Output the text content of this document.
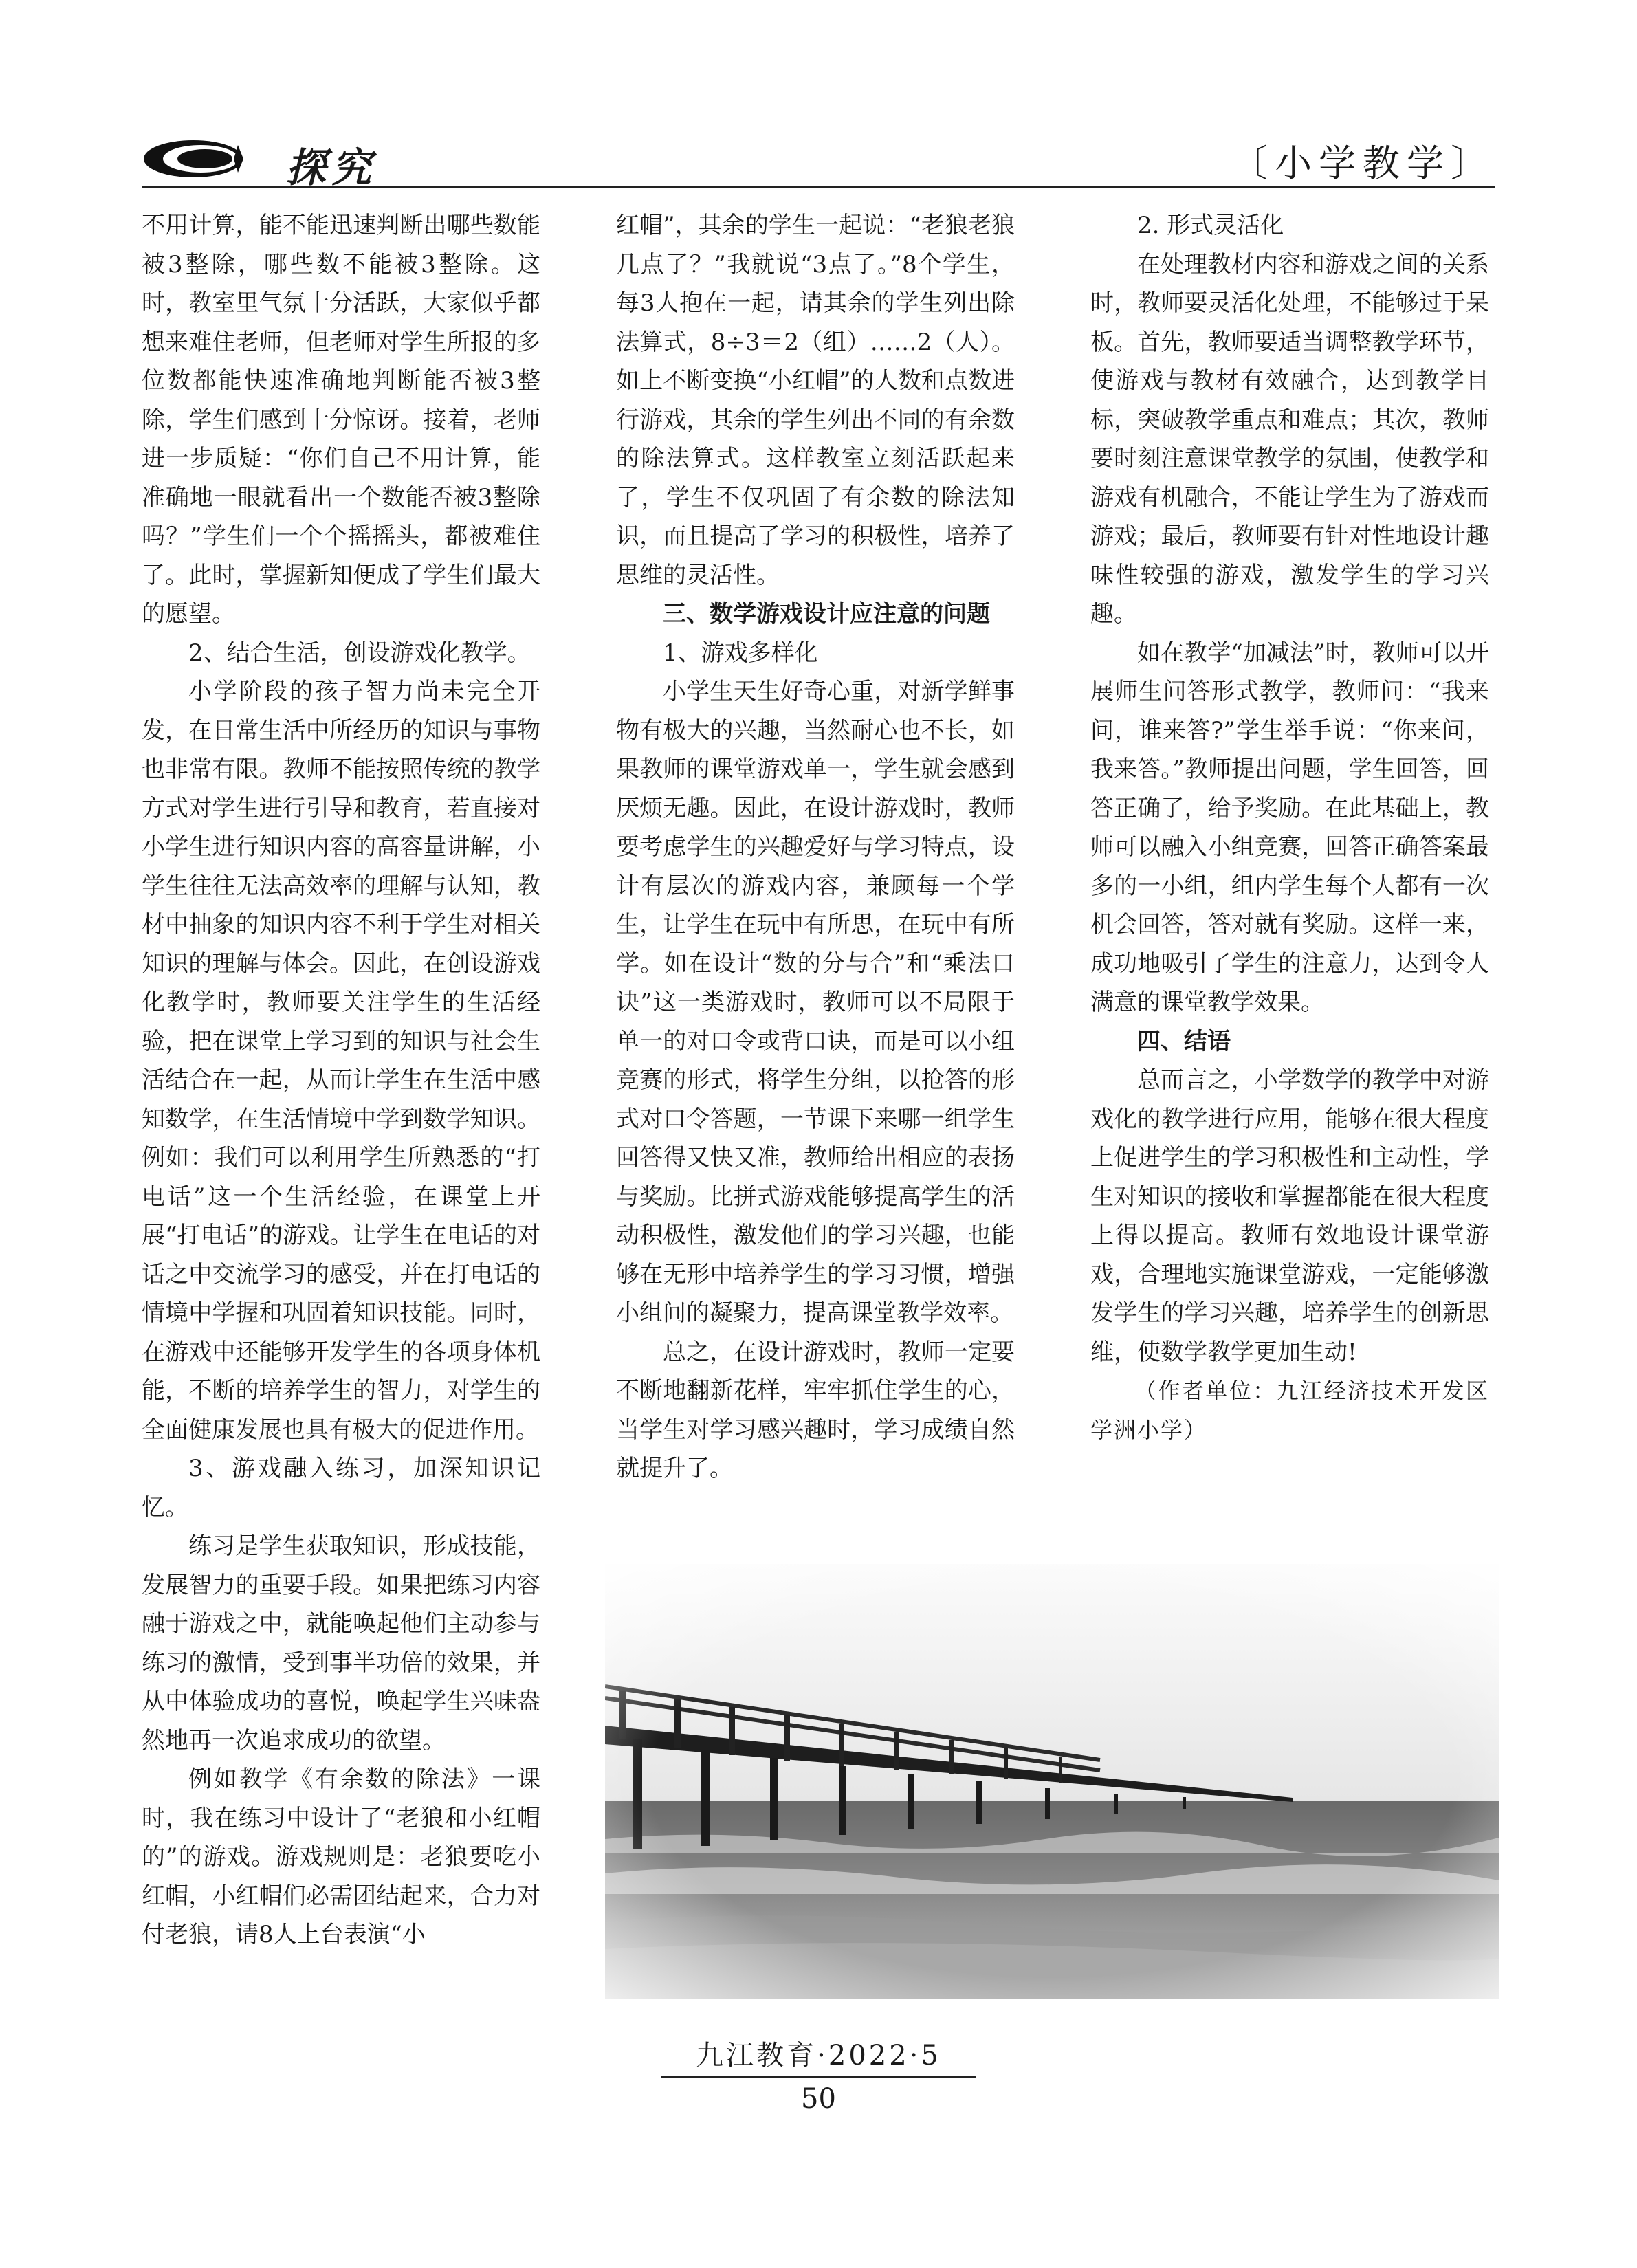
探究	〔小学教学〕

不用计算，能不能迅速判断出哪些数能被3整除，哪些数不能被3整除。这时，教室里气氛十分活跃，大家似乎都想来难住老师，但老师对学生所报的多位数都能快速准确地判断能否被3整除，学生们感到十分惊讶。接着，老师进一步质疑：“你们自己不用计算，能准确地一眼就看出一个数能否被3整除吗？”学生们一个个摇摇头，都被难住了。此时，掌握新知便成了学生们最大的愿望。

2、结合生活，创设游戏化教学。

小学阶段的孩子智力尚未完全开发，在日常生活中所经历的知识与事物也非常有限。教师不能按照传统的教学方式对学生进行引导和教育，若直接对小学生进行知识内容的高容量讲解，小学生往往无法高效率的理解与认知，教材中抽象的知识内容不利于学生对相关知识的理解与体会。因此，在创设游戏化教学时，教师要关注学生的生活经验，把在课堂上学习到的知识与社会生活结合在一起，从而让学生在生活中感知数学，在生活情境中学到数学知识。例如：我们可以利用学生所熟悉的“打电话”这一个生活经验，在课堂上开展“打电话”的游戏。让学生在电话的对话之中交流学习的感受，并在打电话的情境中学握和巩固着知识技能。同时，在游戏中还能够开发学生的各项身体机能，不断的培养学生的智力，对学生的全面健康发展也具有极大的促进作用。

3、游戏融入练习，加深知识记忆。

练习是学生获取知识，形成技能，发展智力的重要手段。如果把练习内容融于游戏之中，就能唤起他们主动参与练习的激情，受到事半功倍的效果，并从中体验成功的喜悦，唤起学生兴味盎然地再一次追求成功的欲望。

例如教学《有余数的除法》一课时，我在练习中设计了“老狼和小红帽的”的游戏。游戏规则是：老狼要吃小红帽，小红帽们必需团结起来，合力对付老狼，请8人上台表演“小

红帽”，其余的学生一起说：“老狼老狼几点了？”我就说“3点了。”8个学生，每3人抱在一起，请其余的学生列出除法算式，8÷3＝2（组）……2（人）。如上不断变换“小红帽”的人数和点数进行游戏，其余的学生列出不同的有余数的除法算式。这样教室立刻活跃起来了，学生不仅巩固了有余数的除法知识，而且提高了学习的积极性，培养了思维的灵活性。

三、数学游戏设计应注意的问题

1、游戏多样化

小学生天生好奇心重，对新学鲜事物有极大的兴趣，当然耐心也不长，如果教师的课堂游戏单一，学生就会感到厌烦无趣。因此，在设计游戏时，教师要考虑学生的兴趣爱好与学习特点，设计有层次的游戏内容，兼顾每一个学生，让学生在玩中有所思，在玩中有所学。如在设计“数的分与合”和“乘法口诀”这一类游戏时，教师可以不局限于单一的对口令或背口诀，而是可以小组竞赛的形式，将学生分组，以抢答的形式对口令答题，一节课下来哪一组学生回答得又快又准，教师给出相应的表扬与奖励。比拼式游戏能够提高学生的活动积极性，激发他们的学习兴趣，也能够在无形中培养学生的学习习惯，增强小组间的凝聚力，提高课堂教学效率。

总之，在设计游戏时，教师一定要不断地翻新花样，牢牢抓住学生的心，当学生对学习感兴趣时，学习成绩自然就提升了。

2. 形式灵活化

在处理教材内容和游戏之间的关系时，教师要灵活化处理，不能够过于呆板。首先，教师要适当调整教学环节，使游戏与教材有效融合，达到教学目标，突破教学重点和难点；其次，教师要时刻注意课堂教学的氛围，使教学和游戏有机融合，不能让学生为了游戏而游戏；最后，教师要有针对性地设计趣味性较强的游戏，激发学生的学习兴趣。

如在教学“加减法”时，教师可以开展师生问答形式教学，教师问：“我来问，谁来答?”学生举手说：“你来问，我来答。”教师提出问题，学生回答，回答正确了，给予奖励。在此基础上，教师可以融入小组竞赛，回答正确答案最多的一小组，组内学生每个人都有一次机会回答，答对就有奖励。这样一来，成功地吸引了学生的注意力，达到令人满意的课堂教学效果。

四、结语

总而言之，小学数学的教学中对游戏化的教学进行应用，能够在很大程度上促进学生的学习积极性和主动性，学生对知识的接收和掌握都能在很大程度上得以提高。教师有效地设计课堂游戏，合理地实施课堂游戏，一定能够激发学生的学习兴趣，培养学生的创新思维，使数学教学更加生动!

（作者单位：九江经济技术开发区学洲小学）

九江教育·2022·5
50
